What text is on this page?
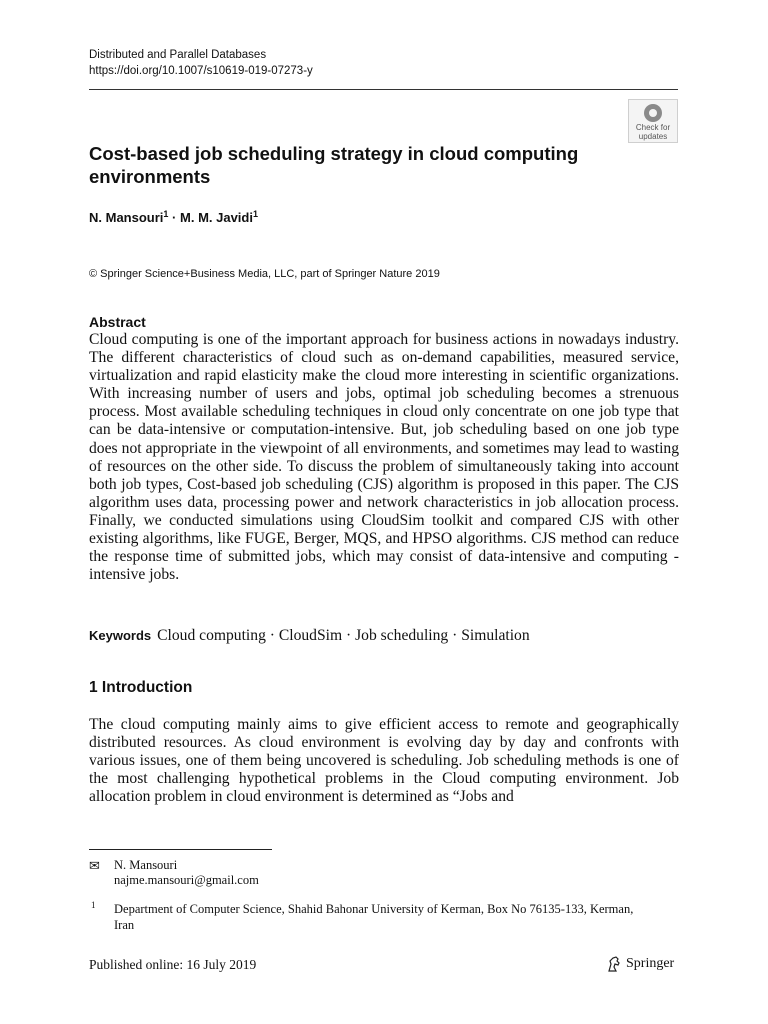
Distributed and Parallel Databases
https://doi.org/10.1007/s10619-019-07273-y
Check for
updates
Cost-based job scheduling strategy in cloud computing environments
N. Mansouri$^1$ · M. M. Javidi$^1$
© Springer Science+Business Media, LLC, part of Springer Nature 2019
Abstract

Cloud computing is one of the important approach for business actions in nowadays industry. The different characteristics of cloud such as on-demand capabilities, measured service, virtualization and rapid elasticity make the cloud more interesting in scientific organizations. With increasing number of users and jobs, optimal job scheduling becomes a strenuous process. Most available scheduling techniques in cloud only concentrate on one job type that can be data-intensive or computation-intensive. But, job scheduling based on one job type does not appropriate in the viewpoint of all environments, and sometimes may lead to wasting of resources on the other side. To discuss the problem of simultaneously taking into account both job types, Cost-based job scheduling (CJS) algorithm is proposed in this paper. The CJS algorithm uses data, processing power and network characteristics in job allocation process. Finally, we conducted simulations using CloudSim toolkit and compared CJS with other existing algorithms, like FUGE, Berger, MQS, and HPSO algorithms. CJS method can reduce the response time of submitted jobs, which may consist of data-intensive and computing -intensive jobs.

Keywords Cloud computing · CloudSim · Job scheduling · Simulation
1 Introduction

The cloud computing mainly aims to give efficient access to remote and geographically distributed resources. As cloud environment is evolving day by day and confronts with various issues, one of them being uncovered is scheduling. Job scheduling methods is one of the most challenging hypothetical problems in the Cloud computing environment. Job allocation problem in cloud environment is determined as “Jobs and

✉ N. Mansouri
najme.mansouri@gmail.com
1 Department of Computer Science, Shahid Bahonar University of Kerman, Box No 76135-133, Kerman, Iran
Published online: 16 July 2019	Springer
